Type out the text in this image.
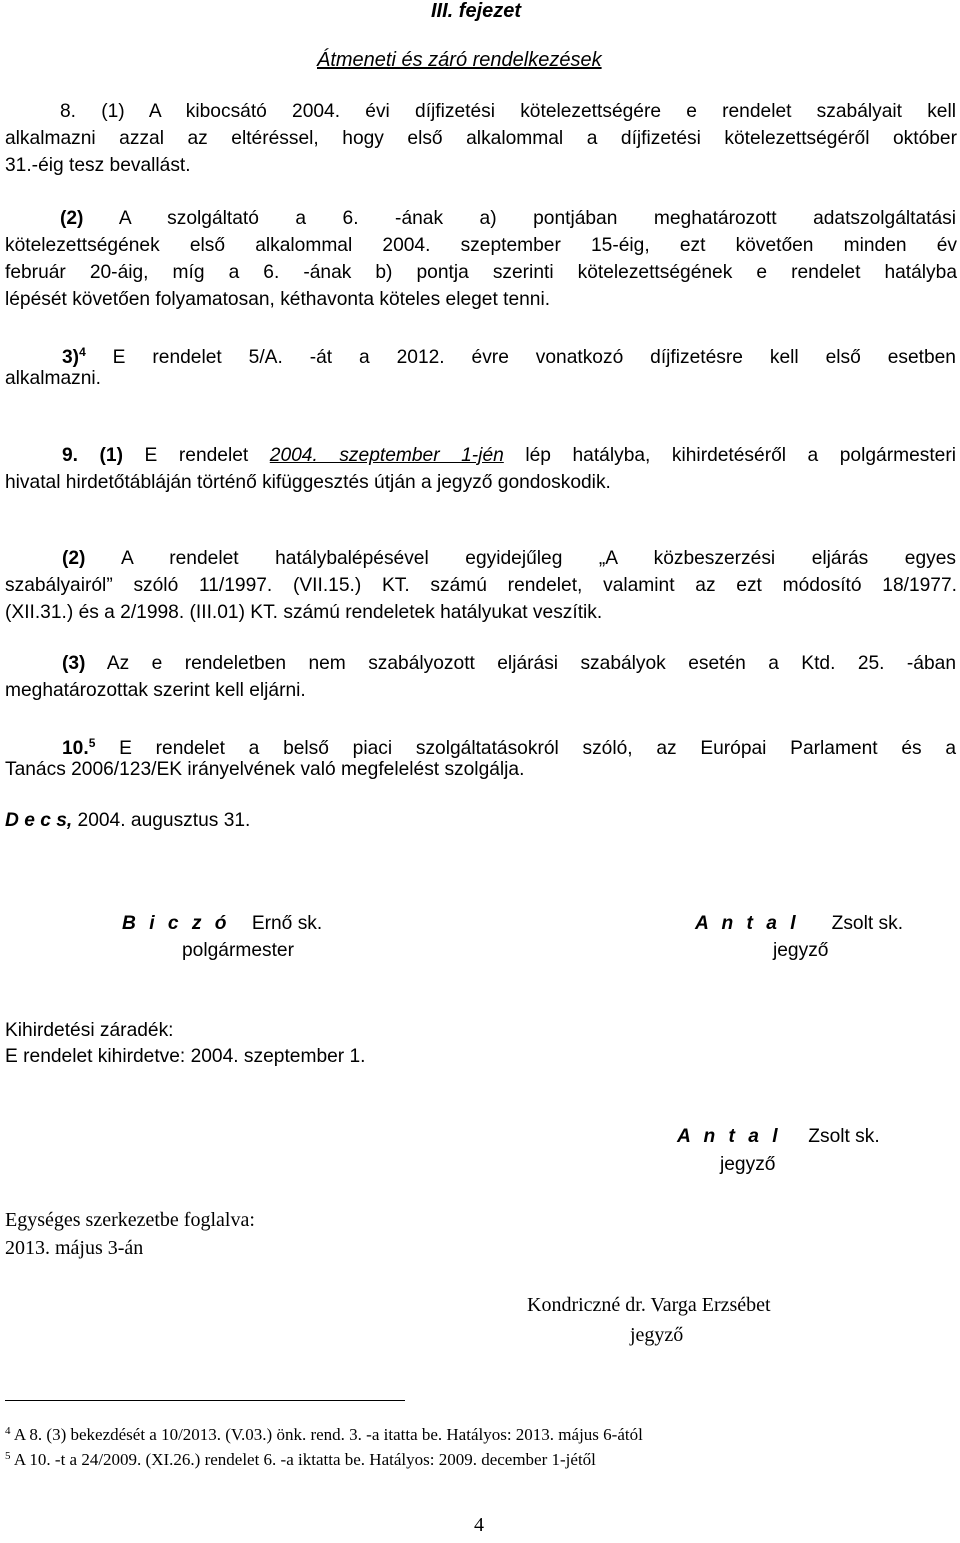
III. fejezet
Átmeneti és záró rendelkezések
8. (1) A kibocsátó 2004. évi díjfizetési kötelezettségére e rendelet szabályait kell
alkalmazni azzal az eltéréssel, hogy első alkalommal a díjfizetési kötelezettségéről október
31.-éig tesz bevallást.
(2) A szolgáltató a 6. -ának a) pontjában meghatározott adatszolgáltatási
kötelezettségének első alkalommal 2004. szeptember 15-éig, ezt követően minden év
február 20-áig, míg a 6. -ának b) pontja szerinti kötelezettségének e rendelet hatályba
lépését követően folyamatosan, kéthavonta köteles eleget tenni.
3)$^4$ E rendelet 5/A. -át a 2012. évre vonatkozó díjfizetésre kell első esetben
alkalmazni.
9. (1) E rendelet 2004. szeptember 1-jén lép hatályba, kihirdetéséről a polgármesteri
hivatal hirdetőtábláján történő kifüggesztés útján a jegyző gondoskodik.
(2) A rendelet hatálybalépésével egyidejűleg „A közbeszerzési eljárás egyes
szabályairól” szóló 11/1997. (VII.15.) KT. számú rendelet, valamint az ezt módosító 18/1977.
(XII.31.) és a 2/1998. (III.01) KT. számú rendeletek hatályukat veszítik.
(3) Az e rendeletben nem szabályozott eljárási szabályok esetén a Ktd. 25. -ában
meghatározottak szerint kell eljárni.
10.$^5$ E rendelet a belső piaci szolgáltatásokról szóló, az Európai Parlament és a
Tanács 2006/123/EK irányelvének való megfelelést szolgálja.
D e c s, 2004. augusztus 31.
B i c z ó Ernő sk.
polgármester
A n t a l Zsolt sk.
jegyző
Kihirdetési záradék:
E rendelet kihirdetve: 2004. szeptember 1.
A n t a l Zsolt sk.
jegyző
Egységes szerkezetbe foglalva:
2013. május 3-án
Kondriczné dr. Varga Erzsébet
jegyző
$^4$ A 8. (3) bekezdését a 10/2013. (V.03.) önk. rend. 3. -a itatta be. Hatályos: 2013. május 6-ától
$^5$ A 10. -t a 24/2009. (XI.26.) rendelet 6. -a iktatta be. Hatályos: 2009. december 1-jétől
4
